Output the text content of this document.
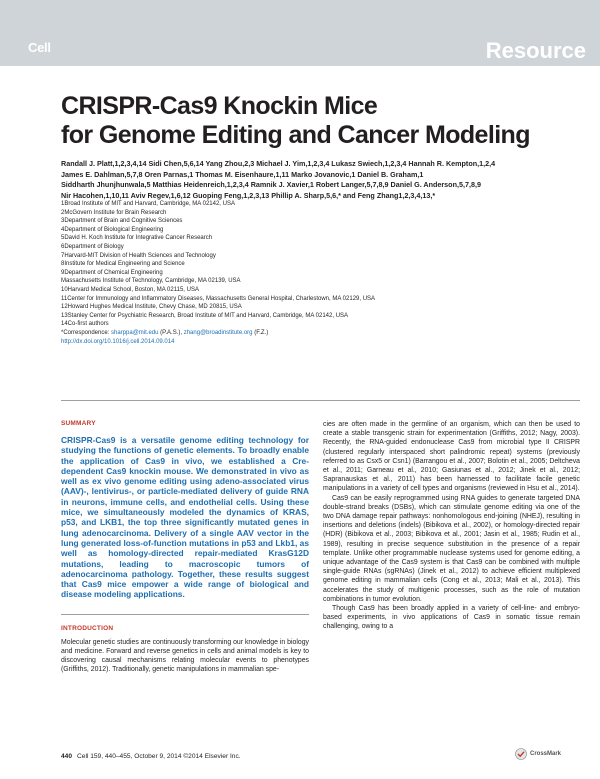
Cell	Resource
CRISPR-Cas9 Knockin Mice
for Genome Editing and Cancer Modeling
Randall J. Platt,1,2,3,4,14 Sidi Chen,5,6,14 Yang Zhou,2,3 Michael J. Yim,1,2,3,4 Lukasz Swiech,1,2,3,4 Hannah R. Kempton,1,2,4
James E. Dahlman,5,7,8 Oren Parnas,1 Thomas M. Eisenhaure,1,11 Marko Jovanovic,1 Daniel B. Graham,1
Siddharth Jhunjhunwala,5 Matthias Heidenreich,1,2,3,4 Ramnik J. Xavier,1 Robert Langer,5,7,8,9 Daniel G. Anderson,5,7,8,9
Nir Hacohen,1,10,11 Aviv Regev,1,6,12 Guoping Feng,1,2,3,13 Phillip A. Sharp,5,6,* and Feng Zhang1,2,3,4,13,*
1Broad Institute of MIT and Harvard, Cambridge, MA 02142, USA
2McGovern Institute for Brain Research
3Department of Brain and Cognitive Sciences
4Department of Biological Engineering
5David H. Koch Institute for Integrative Cancer Research
6Department of Biology
7Harvard-MIT Division of Health Sciences and Technology
8Institute for Medical Engineering and Science
9Department of Chemical Engineering
Massachusetts Institute of Technology, Cambridge, MA 02139, USA
10Harvard Medical School, Boston, MA 02115, USA
11Center for Immunology and Inflammatory Diseases, Massachusetts General Hospital, Charlestown, MA 02129, USA
12Howard Hughes Medical Institute, Chevy Chase, MD 20815, USA
13Stanley Center for Psychiatric Research, Broad Institute of MIT and Harvard, Cambridge, MA 02142, USA
14Co-first authors
*Correspondence: sharppa@mit.edu (P.A.S.), zhang@broadinstitute.org (F.Z.)
http://dx.doi.org/10.1016/j.cell.2014.09.014
SUMMARY

CRISPR-Cas9 is a versatile genome editing technology for studying the functions of genetic elements. To broadly enable the application of Cas9 in vivo, we established a Cre-dependent Cas9 knockin mouse. We demonstrated in vivo as well as ex vivo genome editing using adeno-associated virus (AAV)-, lentivirus-, or particle-mediated delivery of guide RNA in neurons, immune cells, and endothelial cells. Using these mice, we simultaneously modeled the dynamics of KRAS, p53, and LKB1, the top three significantly mutated genes in lung adenocarcinoma. Delivery of a single AAV vector in the lung generated loss-of-function mutations in p53 and Lkb1, as well as homology-directed repair-mediated KrasG12D mutations, leading to macroscopic tumors of adenocarcinoma pathology. Together, these results suggest that Cas9 mice empower a wide range of biological and disease modeling applications.

INTRODUCTION

Molecular genetic studies are continuously transforming our knowledge in biology and medicine. Forward and reverse genetics in cells and animal models is key to discovering causal mechanisms relating molecular events to phenotypes (Griffiths, 2012). Traditionally, genetic manipulations in mammalian spe-

cies are often made in the germline of an organism, which can then be used to create a stable transgenic strain for experimentation (Griffiths, 2012; Nagy, 2003). Recently, the RNA-guided endonuclease Cas9 from microbial type II CRISPR (clustered regularly interspaced short palindromic repeat) systems (previously referred to as Csx5 or Csn1) (Barrangou et al., 2007; Bolotin et al., 2005; Deltcheva et al., 2011; Garneau et al., 2010; Gasiunas et al., 2012; Jinek et al., 2012; Sapranauskas et al., 2011) has been harnessed to facilitate facile genetic manipulations in a variety of cell types and organisms (reviewed in Hsu et al., 2014).

Cas9 can be easily reprogrammed using RNA guides to generate targeted DNA double-strand breaks (DSBs), which can stimulate genome editing via one of the two DNA damage repair pathways: nonhomologous end-joining (NHEJ), resulting in insertions and deletions (indels) (Bibikova et al., 2002), or homology-directed repair (HDR) (Bibikova et al., 2003; Bibikova et al., 2001; Jasin et al., 1985; Rudin et al., 1989), resulting in precise sequence substitution in the presence of a repair template. Unlike other programmable nuclease systems used for genome editing, a unique advantage of the Cas9 system is that Cas9 can be combined with multiple single-guide RNAs (sgRNAs) (Jinek et al., 2012) to achieve efficient multiplexed genome editing in mammalian cells (Cong et al., 2013; Mali et al., 2013). This accelerates the study of multigenic processes, such as the role of mutation combinations in tumor evolution.

Though Cas9 has been broadly applied in a variety of cell-line- and embryo-based experiments, in vivo applications of Cas9 in somatic tissue remain challenging, owing to a

440 Cell 159, 440–455, October 9, 2014 ©2014 Elsevier Inc.	CrossMark
